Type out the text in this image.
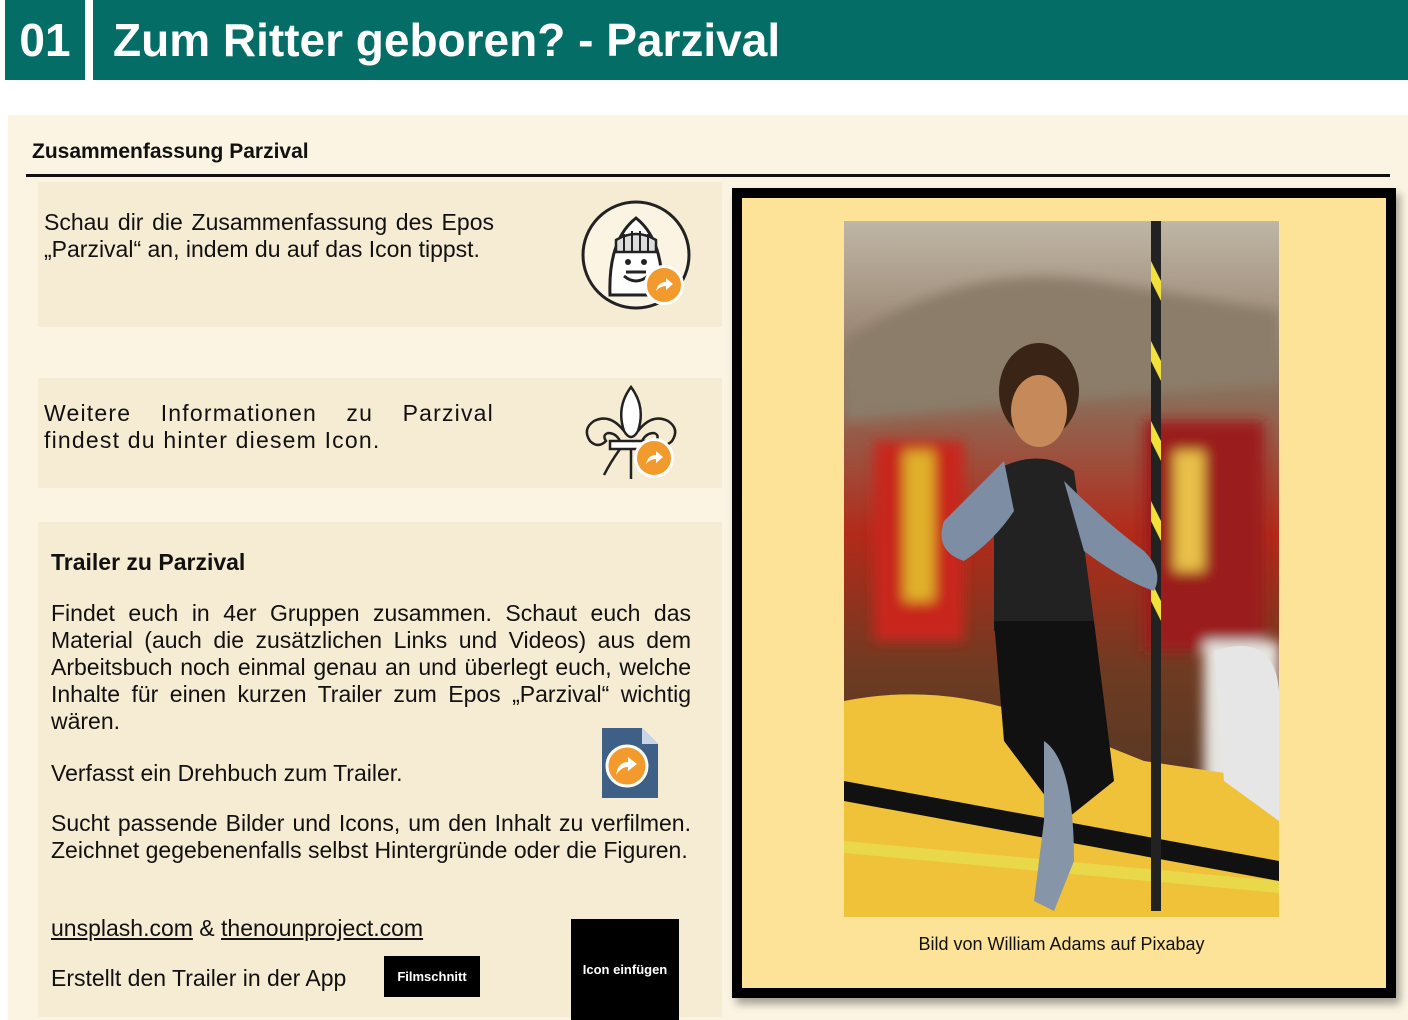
01 Zum Ritter geboren? - Parzival
Zusammenfassung Parzival
Schau dir die Zusammenfassung des Epos „Parzival“ an, indem du auf das Icon tippst.
Weitere Informationen zu Parzival findest du hinter diesem Icon.
Trailer zu Parzival
Findet euch in 4er Gruppen zusammen. Schaut euch das Material (auch die zusätzlichen Links und Videos) aus dem Arbeitsbuch noch einmal genau an und überlegt euch, welche Inhalte für einen kurzen Trailer zum Epos „Parzival“ wichtig wären.
Verfasst ein Drehbuch zum Trailer.
Sucht passende Bilder und Icons, um den Inhalt zu verfilmen. Zeichnet gegebenenfalls selbst Hintergründe oder die Figuren.
unsplash.com & thenounproject.com
Erstellt den Trailer in der App	Filmschnitt	Icon einfügen
Bild von William Adams auf Pixabay
